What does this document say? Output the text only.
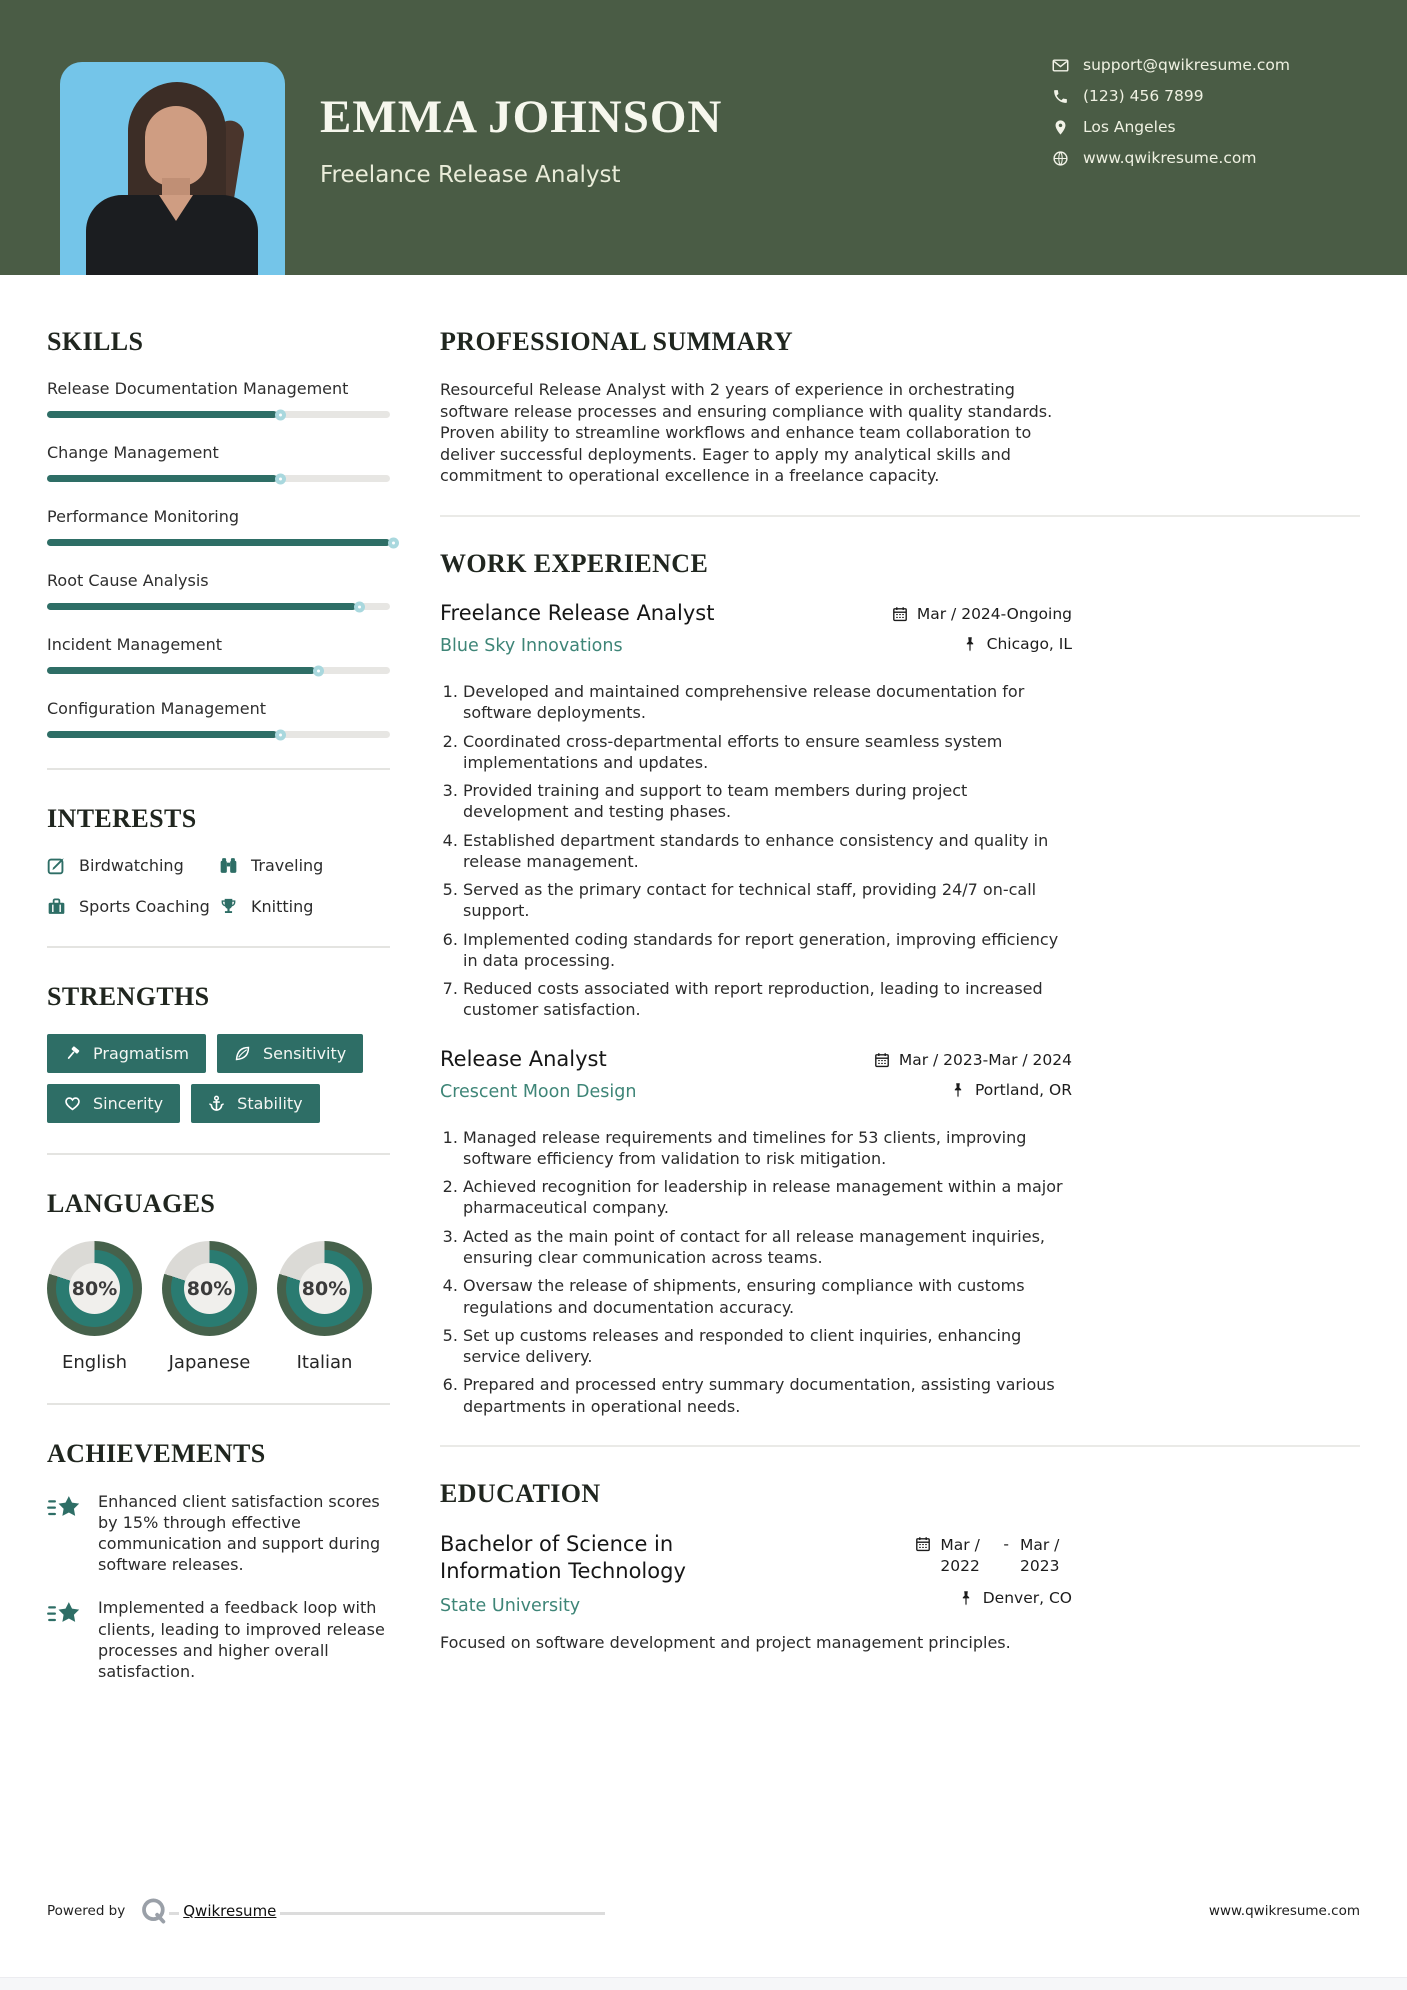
EMMA JOHNSON
Freelance Release Analyst
support@qwikresume.com
(123) 456 7899
Los Angeles
www.qwikresume.com
SKILLS
Release Documentation Management
Change Management
Performance Monitoring
Root Cause Analysis
Incident Management
Configuration Management
INTERESTS
Birdwatching	Traveling
Sports Coaching	Knitting
STRENGTHS
Pragmatism	Sensitivity
Sincerity	Stability
LANGUAGES
80%
English
80%
Japanese
80%
Italian
ACHIEVEMENTS
Enhanced client satisfaction scores by 15% through effective communication and support during software releases.
Implemented a feedback loop with clients, leading to improved release processes and higher overall satisfaction.
PROFESSIONAL SUMMARY

Resourceful Release Analyst with 2 years of experience in orchestrating software release processes and ensuring compliance with quality standards. Proven ability to streamline workflows and enhance team collaboration to deliver successful deployments. Eager to apply my analytical skills and commitment to operational excellence in a freelance capacity.

WORK EXPERIENCE
Freelance Release Analyst
Blue Sky Innovations
Mar / 2024-Ongoing
Chicago, IL
1. Developed and maintained comprehensive release documentation for software deployments.
2. Coordinated cross-departmental efforts to ensure seamless system implementations and updates.
3. Provided training and support to team members during project development and testing phases.
4. Established department standards to enhance consistency and quality in release management.
5. Served as the primary contact for technical staff, providing 24/7 on-call support.
6. Implemented coding standards for report generation, improving efficiency in data processing.
7. Reduced costs associated with report reproduction, leading to increased customer satisfaction.
Release Analyst
Crescent Moon Design
Mar / 2023-Mar / 2024
Portland, OR
1. Managed release requirements and timelines for 53 clients, improving software efficiency from validation to risk mitigation.
2. Achieved recognition for leadership in release management within a major pharmaceutical company.
3. Acted as the main point of contact for all release management inquiries, ensuring clear communication across teams.
4. Oversaw the release of shipments, ensuring compliance with customs regulations and documentation accuracy.
5. Set up customs releases and responded to client inquiries, enhancing service delivery.
6. Prepared and processed entry summary documentation, assisting various departments in operational needs.
EDUCATION
Bachelor of Science in Information Technology
State University
Mar / 2022
- Mar / 2023
Denver, CO

Focused on software development and project management principles.

Powered by	Qwikresume	www.qwikresume.com
